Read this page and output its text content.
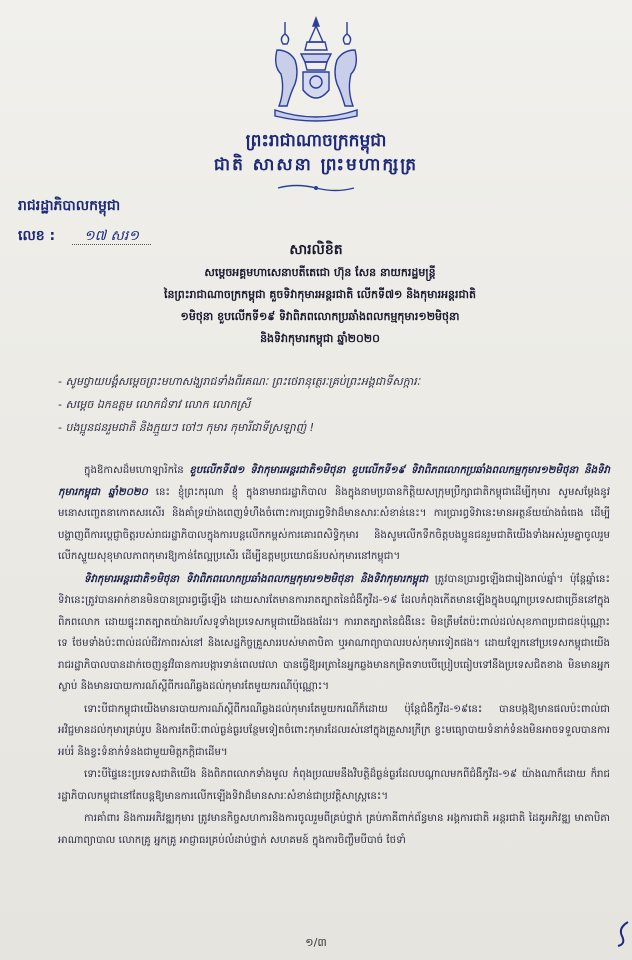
ព្រះរាជាណាចក្រកម្ពុជា
ជាតិ សាសនា ព្រះមហាក្សត្រ
រាជរដ្ឋាភិបាលកម្ពុជា
លេខ : ១៧ សរ១
សារលិខិត
សម្តេចអគ្គមហាសេនាបតីតេជោ ហ៊ុន សែន នាយករដ្ឋមន្រ្តី
នៃព្រះរាជាណាចក្រកម្ពុជា គួចទិវាកុមារអន្តរជាតិ លើកទី៧១ និងកុមារអន្តរជាតិ
១មិថុនា ខួបលើកទី១៩ ទិវាពិភពលោកប្រឆាំងពលកម្មកុមារ១២មិថុនា
និងទិវាកុមារកម្ពុជា ឆ្នាំ២០២០
- សូមថ្វាយបង្គំសម្តេចព្រះមហាសង្ឃរាជទាំងពីរគណៈ ព្រះថេរានុត្ថេរៈគ្រប់ព្រះអង្គជាទីសក្ការៈ
- សម្តេច ឯកឧត្តម លោកជំទាវ លោក លោកស្រី
- បងប្អូនជនរួមជាតិ និងក្មួយៗ ចៅៗ កុមារ កុមារីជាទីស្រឡាញ់ !

ក្នុងឱកាសដ៏មហោឡារិកនៃ ខួបលើកទី៧១ ទិវាកុមារអន្តរជាតិ១មិថុនា ខួបលើកទី១៩ ទិវាពិភពលោកប្រឆាំងពលកម្មកុមារ១២មិថុនា និងទិវាកុមារកម្ពុជា ឆ្នាំ២០២០ នេះ ខ្ញុំព្រះករុណា ខ្ញុំ ក្នុងនាមរាជរដ្ឋាភិបាល និងក្នុងនាមប្រធានកិត្តិយសក្រុមប្រឹក្សាជាតិកម្ពុជាដើម្បីកុមារ សូមសម្តែងនូវមនោសញ្ចេតនាកោតសរសើរ និងគាំទ្រយ៉ាងពេញទំហឹងចំពោះការប្រារព្ធទិវាដ៏មានសារៈសំខាន់នេះ។ ការប្រារព្ធទិវានេះមានអត្ថន័យយ៉ាងធំធេង ដើម្បីបង្ហាញពីការប្តេជ្ញាចិត្តរបស់រាជរដ្ឋាភិបាលក្នុងការបន្តលើកកម្ពស់ការគោរពសិទ្ធិកុមារ និងសូមលើកទឹកចិត្តបងប្អូនជនរួមជាតិយើងទាំងអស់រួមគ្នាចូលរួមលើកស្ទួយសុខុមាលភាពកុមារឱ្យកាន់តែល្អប្រសើរ ដើម្បីឧត្តមប្រយោជន៍របស់កុមារនៅកម្ពុជា។

ទិវាកុមារអន្តរជាតិ១មិថុនា ទិវាពិភពលោកប្រឆាំងពលកម្មកុមារ១២មិថុនា និងទិវាកុមារកម្ពុជា ត្រូវបានប្រារព្ធឡើងជារៀងរាល់ឆ្នាំ។ ប៉ុន្តែឆ្នាំនេះ ទិវានេះត្រូវបានអាក់ខានមិនបានប្រារព្ធធ្វើឡើង ដោយសារតែមានការរាតត្បាតនៃជំងឺកូវីដ-១៩ ដែលកំពុងកើតមានឡើងក្នុងបណ្តាប្រទេសជាច្រើននៅក្នុងពិភពលោក ដោយផ្ទុះរាតត្បាតយ៉ាងរហ័សទូទាំងប្រទេសកម្ពុជាយើងផងដែរ។ ការរាតត្បាតនៃជំងឺនេះ មិនត្រឹមតែប៉ះពាល់ដល់សុខភាពប្រជាជនប៉ុណ្ណោះទេ ថែមទាំងប៉ះពាល់ដល់ជីវភាពរស់នៅ និងសេដ្ឋកិច្ចគ្រួសាររបស់មាតាបិតា ឬអាណាព្យាបាលរបស់កុមារទៀតផង។ ដោយឡែកនៅប្រទេសកម្ពុជាយើង រាជរដ្ឋាភិបាលបានដាក់ចេញនូវវិធានការបង្ការទាន់ពេលវេលា បានធ្វើឱ្យអត្រានៃអ្នកឆ្លងមានកម្រិតទាបបើប្រៀបធៀបទៅនឹងប្រទេសជិតខាង មិនមានអ្នកស្លាប់ និងមានរបាយការណ៍ស្តីពីករណីឆ្លងដល់កុមារតែមួយករណីប៉ុណ្ណោះ។

ទោះបីជាកម្ពុជាយើងមានរបាយការណ៍ស្តីពីករណីឆ្លងដល់កុមារតែមួយករណីក៏ដោយ ប៉ុន្តែជំងឺកូវីដ-១៩នេះ បានបង្កឱ្យមានផលប៉ះពាល់ជាអវិជ្ជមានដល់កុមារគ្រប់រូប និងការតែបីៈពាល់ធ្ងន់ធ្ងរបន្ថែមទៀតចំពោះកុមារដែលរស់នៅក្នុងគ្រួសារក្រីក្រ ខ្វះមធ្យោបាយទំនាក់ទំនងមិនអាចទទួលបានការអប់រំ និងខ្វះទំនាក់ទំនងជាមួយមិត្តភក្តិជាដើម។

ទោះបីផ្ទៃនេះប្រទេសជាតិយើង និងពិភពលោកទាំងមូល កំពុងប្រឈមនឹងវិបត្តិដ៏ធ្ងន់ធ្ងរដែលបណ្តាលមកពីជំងឺកូវីដ-១៩ យ៉ាងណាក៏ដោយ ក៏រាជរដ្ឋាភិបាលកម្ពុជានៅតែបន្តឱ្យមានការលើកឡើងទិវាដ៏មានសារៈសំខាន់ជាប្រវត្តិសាស្ត្រនេះ។

ការគាំពារ និងការអភិវឌ្ឍកុមារ ត្រូវមានកិច្ចសហការនិងការចូលរួមពីគ្រប់ថ្នាក់ គ្រប់ភាគីពាក់ព័ន្ធមាន អង្គការជាតិ អន្តរជាតិ ដៃគូអភិវឌ្ឍ មាតាបិតា អាណាព្យាបាល លោកគ្រូ អ្នកគ្រូ អាជ្ញាធរគ្រប់លំដាប់ថ្នាក់ សហគមន៍ ក្នុងការចិញ្ចឹមបីបាច់ ថែទាំ

១/៣
